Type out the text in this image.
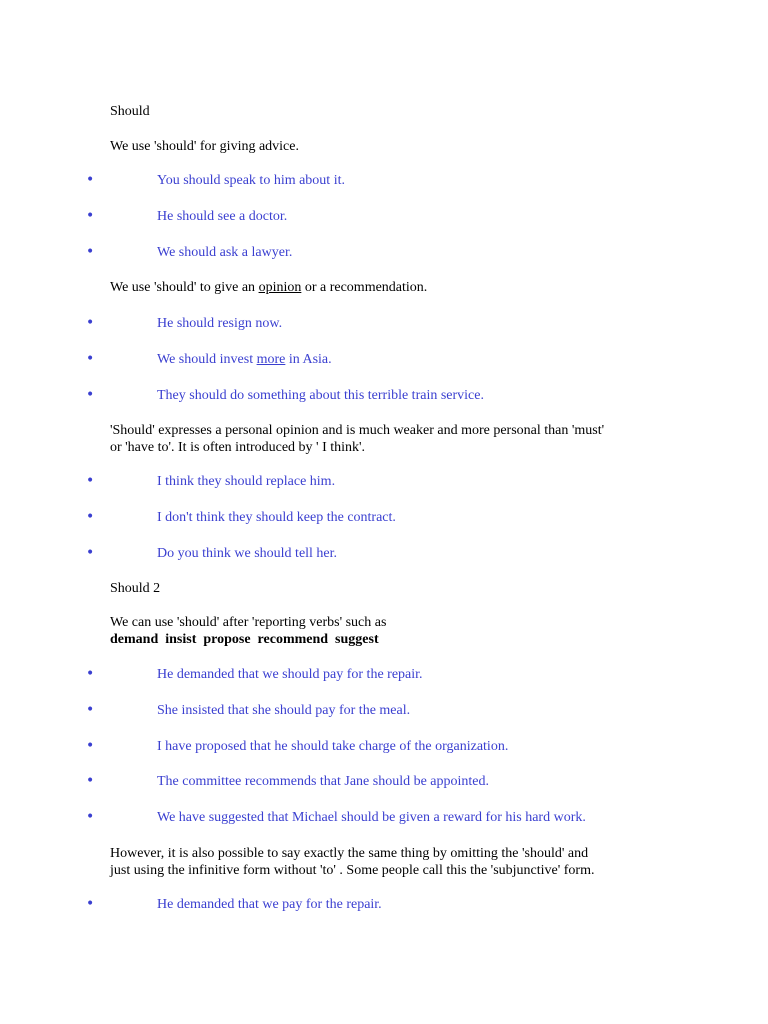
Should
We use 'should' for giving advice.
•	You should speak to him about it.
•	He should see a doctor.
•	We should ask a lawyer.
We use 'should' to give an opinion or a recommendation.
•	He should resign now.
•	We should invest more in Asia.
•	They should do something about this terrible train service.
'Should' expresses a personal opinion and is much weaker and more personal than 'must'
or 'have to'. It is often introduced by ' I think'.
•	I think they should replace him.
•	I don't think they should keep the contract.
•	Do you think we should tell her.
Should 2
We can use 'should' after 'reporting verbs' such as
demand  insist  propose  recommend  suggest
•	He demanded that we should pay for the repair.
•	She insisted that she should pay for the meal.
•	I have proposed that he should take charge of the organization.
•	The committee recommends that Jane should be appointed.
•	We have suggested that Michael should be given a reward for his hard work.
However, it is also possible to say exactly the same thing by omitting the 'should' and
just using the infinitive form without 'to' . Some people call this the 'subjunctive' form.
•	He demanded that we pay for the repair.
